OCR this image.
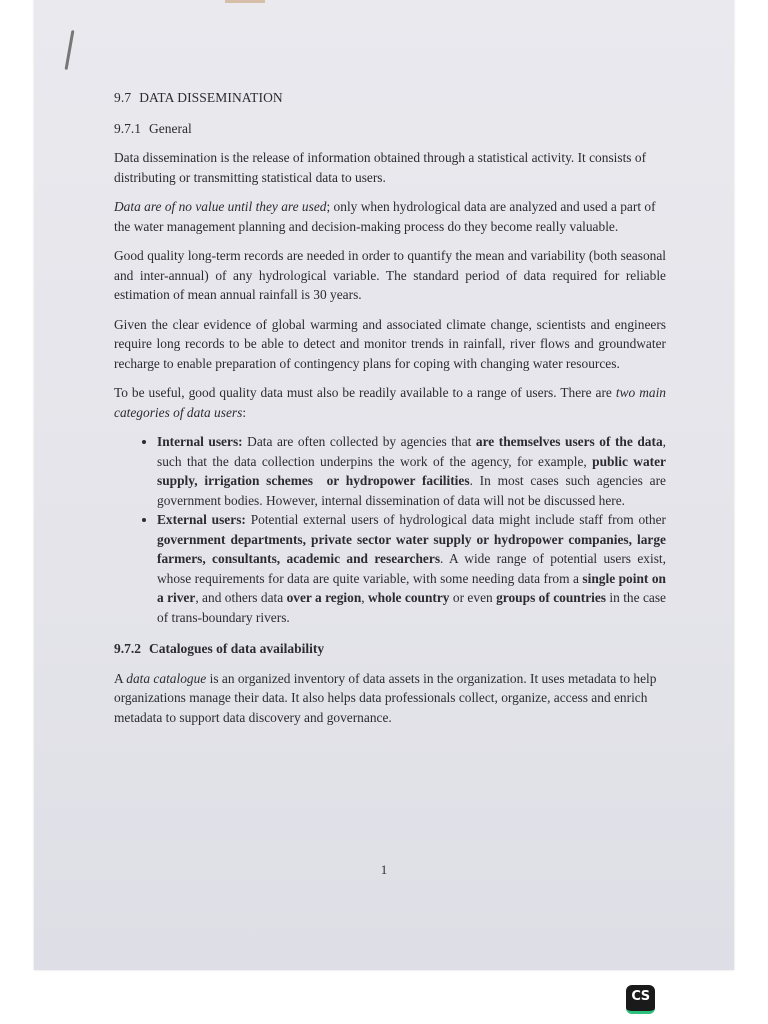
9.7 DATA DISSEMINATION
9.7.1 General

Data dissemination is the release of information obtained through a statistical activity. It consists of distributing or transmitting statistical data to users.

Data are of no value until they are used; only when hydrological data are analyzed and used a part of the water management planning and decision-making process do they become really valuable.

Good quality long-term records are needed in order to quantify the mean and variability (both seasonal and inter-annual) of any hydrological variable. The standard period of data required for reliable estimation of mean annual rainfall is 30 years.

Given the clear evidence of global warming and associated climate change, scientists and engineers require long records to be able to detect and monitor trends in rainfall, river flows and groundwater recharge to enable preparation of contingency plans for coping with changing water resources.

To be useful, good quality data must also be readily available to a range of users. There are two main categories of data users:

• Internal users: Data are often collected by agencies that are themselves users of the data, such that the data collection underpins the work of the agency, for example, public water supply, irrigation schemes or hydropower facilities. In most cases such agencies are government bodies. However, internal dissemination of data will not be discussed here.
• External users: Potential external users of hydrological data might include staff from other government departments, private sector water supply or hydropower companies, large farmers, consultants, academic and researchers. A wide range of potential users exist, whose requirements for data are quite variable, with some needing data from a single point on a river, and others data over a region, whole country or even groups of countries in the case of trans-boundary rivers.
9.7.2 Catalogues of data availability

A data catalogue is an organized inventory of data assets in the organization. It uses metadata to help organizations manage their data. It also helps data professionals collect, organize, access and enrich metadata to support data discovery and governance.

1
CS
